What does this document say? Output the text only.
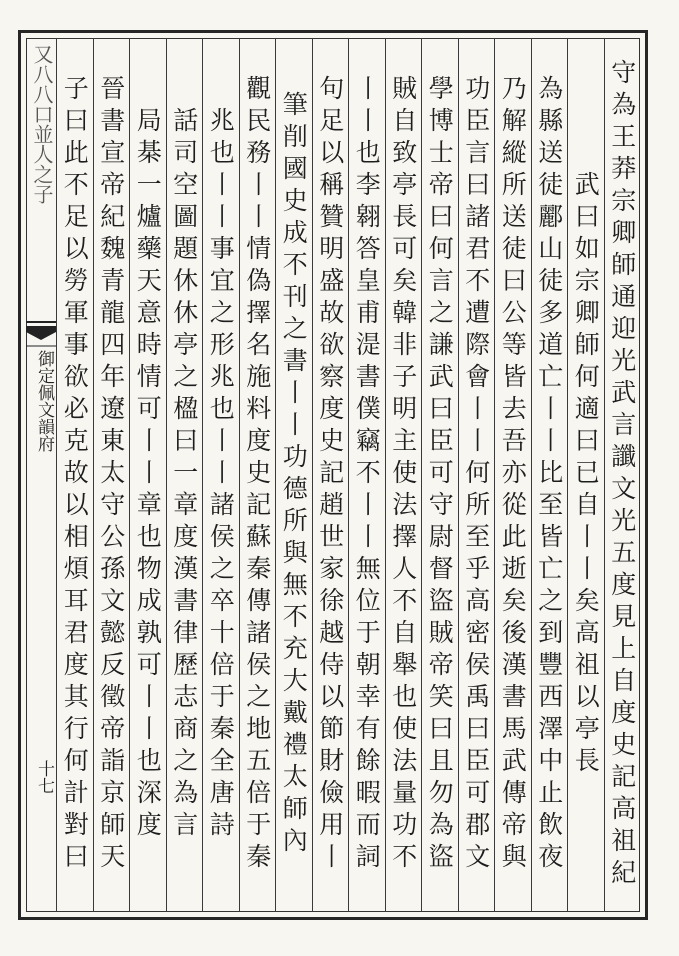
又八八口並人之子
御定佩文韻府
十七	守為王莽宗卿師通迎光武言讖文光五度見上自度史記高祖紀
武曰如宗卿師何適曰已自丨丨矣高祖以亭長
為縣送徒酈山徒多道亡丨丨比至皆亡之到豐西澤中止飲夜
乃解縱所送徒曰公等皆去吾亦從此逝矣後漢書馬武傳帝與
功臣言曰諸君不遭際會丨丨何所至乎高密侯禹曰臣可郡文
學博士帝曰何言之謙武曰臣可守尉督盜賊帝笑曰且勿為盜
賊自致亭長可矣韓非子明主使法擇人不自舉也使法量功不
丨丨也李翱答皇甫湜書僕竊不丨丨無位于朝幸有餘暇而詞
句足以稱贊明盛故欲察度史記趙世家徐越侍以節財儉用丨
筆削國史成不刊之書丨丨功德所與無不充大戴禮太師內
觀民務丨丨情偽擇名施料度史記蘇秦傳諸侯之地五倍于秦
兆也丨丨事宜之形兆也丨丨諸侯之卒十倍于秦全唐詩
話司空圖題休休亭之楹曰一章度漢書律歷志商之為言
局棊一爐藥天意時情可丨丨章也物成孰可丨丨也深度
晉書宣帝紀魏青龍四年遼東太守公孫文懿反徵帝詣京師天
子曰此不足以勞軍事欲必克故以相煩耳君度其行何計對曰
